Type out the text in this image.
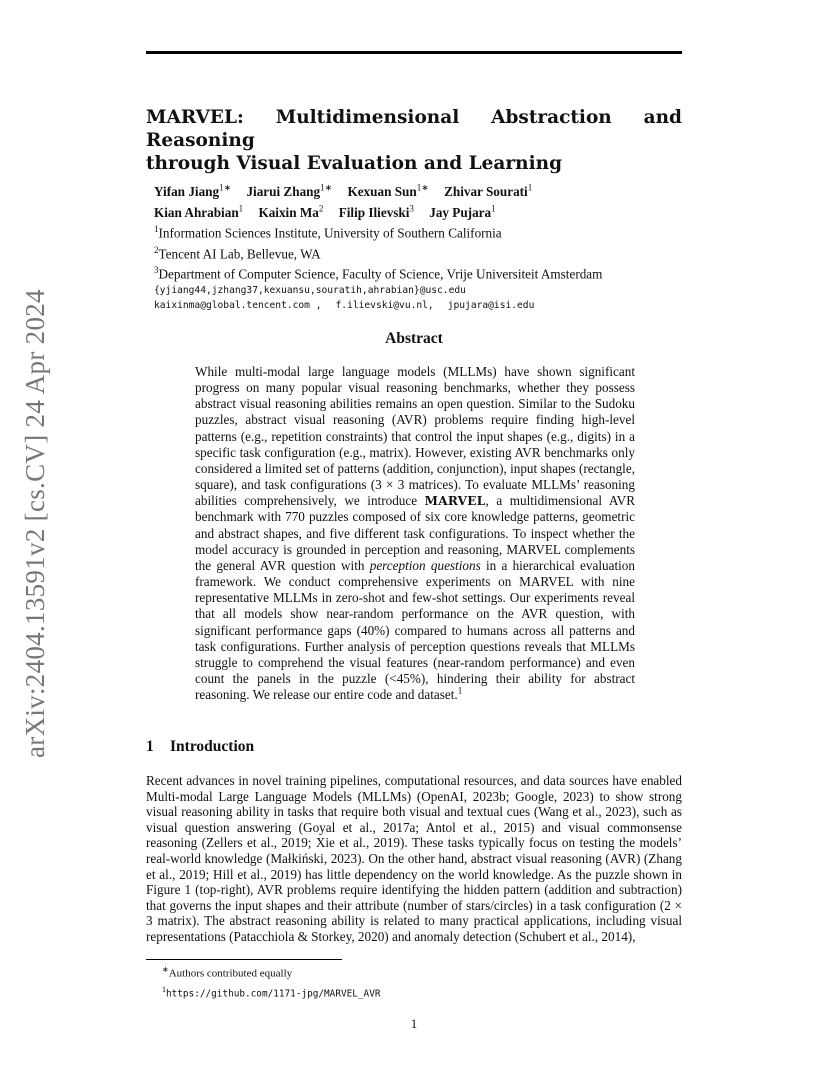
arXiv:2404.13591v2 [cs.CV] 24 Apr 2024
MARVEL: Multidimensional Abstraction and Reasoning
through Visual Evaluation and Learning
Yifan Jiang$^{1∗}$ Jiarui Zhang$^{1∗}$ Kexuan Sun$^{1∗}$ Zhivar Sourati$^1$
Kian Ahrabian$^1$ Kaixin Ma$^2$ Filip Ilievski$^3$ Jay Pujara$^1$
$^1$Information Sciences Institute, University of Southern California
$^2$Tencent AI Lab, Bellevue, WA
$^3$Department of Computer Science, Faculty of Science, Vrije Universiteit Amsterdam
{yjiang44,jzhang37,kexuansu,souratih,ahrabian}@usc.edu
kaixinma@global.tencent.com , f.ilievski@vu.nl, jpujara@isi.edu
Abstract
While multi-modal large language models (MLLMs) have shown significant progress on many popular visual reasoning benchmarks, whether they possess abstract visual reasoning abilities remains an open question. Similar to the Sudoku puzzles, abstract visual reasoning (AVR) problems require finding high-level patterns (e.g., repetition constraints) that control the input shapes (e.g., digits) in a specific task configuration (e.g., matrix). However, existing AVR benchmarks only considered a limited set of patterns (addition, conjunction), input shapes (rectangle, square), and task configurations (3 × 3 matrices). To evaluate MLLMs’ reasoning abilities comprehensively, we introduce MARVEL, a multidimensional AVR benchmark with 770 puzzles composed of six core knowledge patterns, geometric and abstract shapes, and five different task configurations. To inspect whether the model accuracy is grounded in perception and reasoning, MARVEL complements the general AVR question with perception questions in a hierarchical evaluation framework. We conduct comprehensive experiments on MARVEL with nine representative MLLMs in zero-shot and few-shot settings. Our experiments reveal that all models show near-random performance on the AVR question, with significant performance gaps (40%) compared to humans across all patterns and task configurations. Further analysis of perception questions reveals that MLLMs struggle to comprehend the visual features (near-random performance) and even count the panels in the puzzle (<45%), hindering their ability for abstract reasoning. We release our entire code and dataset.$^1$
1 Introduction
Recent advances in novel training pipelines, computational resources, and data sources have enabled Multi-modal Large Language Models (MLLMs) (OpenAI, 2023b; Google, 2023) to show strong visual reasoning ability in tasks that require both visual and textual cues (Wang et al., 2023), such as visual question answering (Goyal et al., 2017a; Antol et al., 2015) and visual commonsense reasoning (Zellers et al., 2019; Xie et al., 2019). These tasks typically focus on testing the models’ real-world knowledge (Małkiński, 2023). On the other hand, abstract visual reasoning (AVR) (Zhang et al., 2019; Hill et al., 2019) has little dependency on the world knowledge. As the puzzle shown in Figure 1 (top-right), AVR problems require identifying the hidden pattern (addition and subtraction) that governs the input shapes and their attribute (number of stars/circles) in a task configuration (2 × 3 matrix). The abstract reasoning ability is related to many practical applications, including visual representations (Patacchiola & Storkey, 2020) and anomaly detection (Schubert et al., 2014),
∗Authors contributed equally
$^1$https://github.com/1171-jpg/MARVEL_AVR
1
